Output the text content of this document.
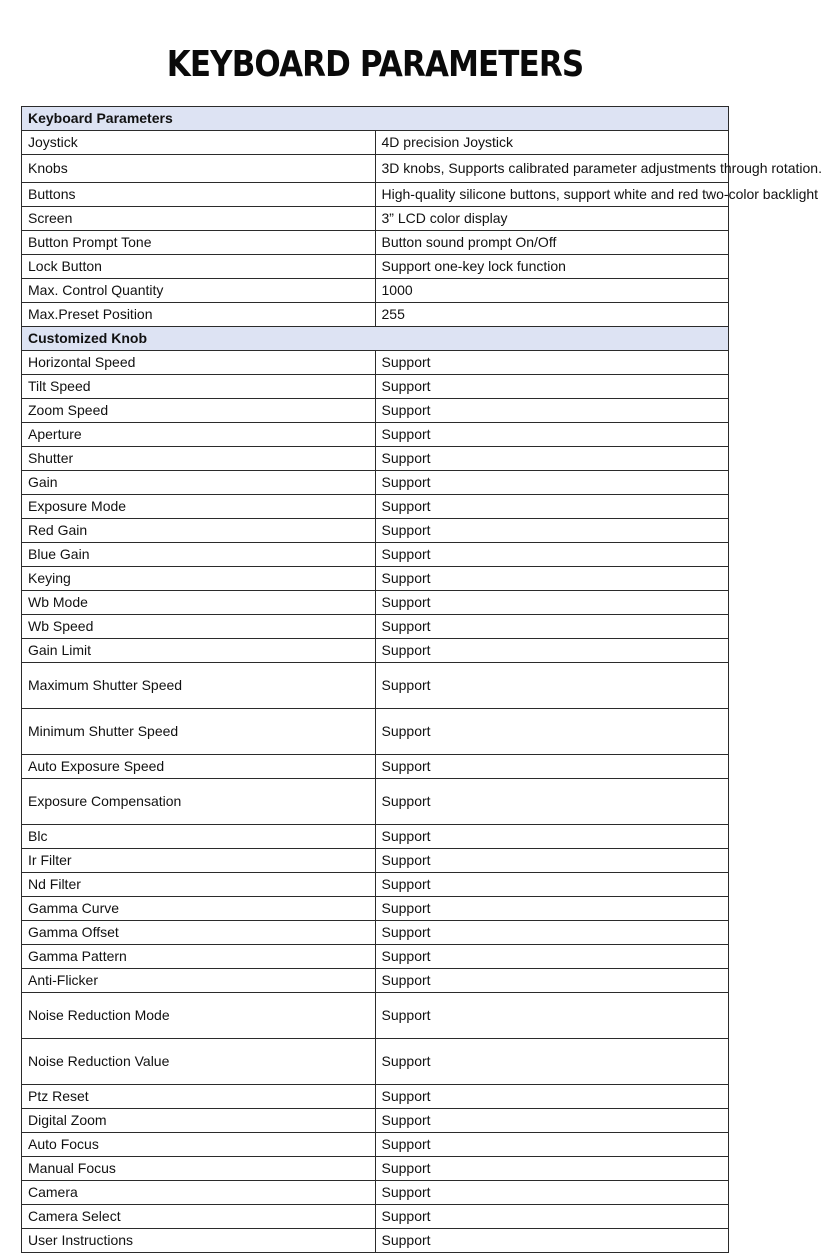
KEYBOARD PARAMETERS
Keyboard Parameters	
Joystick	4D precision Joystick
Knobs	3D knobs, Supports calibrated parameter adjustments through rotation.
Buttons	High-quality silicone buttons, support white and red two-color backlight
Screen	3” LCD color display
Button Prompt Tone	Button sound prompt On/Off
Lock Button	Support one-key lock function
Max. Control Quantity	1000
Max.Preset Position	255
Customized Knob	
Horizontal Speed	Support
Tilt Speed	Support
Zoom Speed	Support
Aperture	Support
Shutter	Support
Gain	Support
Exposure Mode	Support
Red Gain	Support
Blue Gain	Support
Keying	Support
Wb Mode	Support
Wb Speed	Support
Gain Limit	Support
Maximum Shutter Speed	Support
Minimum Shutter Speed	Support
Auto Exposure Speed	Support
Exposure Compensation	Support
Blc	Support
Ir Filter	Support
Nd Filter	Support
Gamma Curve	Support
Gamma Offset	Support
Gamma Pattern	Support
Anti-Flicker	Support
Noise Reduction Mode	Support
Noise Reduction Value	Support
Ptz Reset	Support
Digital Zoom	Support
Auto Focus	Support
Manual Focus	Support
Camera	Support
Camera Select	Support
User Instructions	Support
